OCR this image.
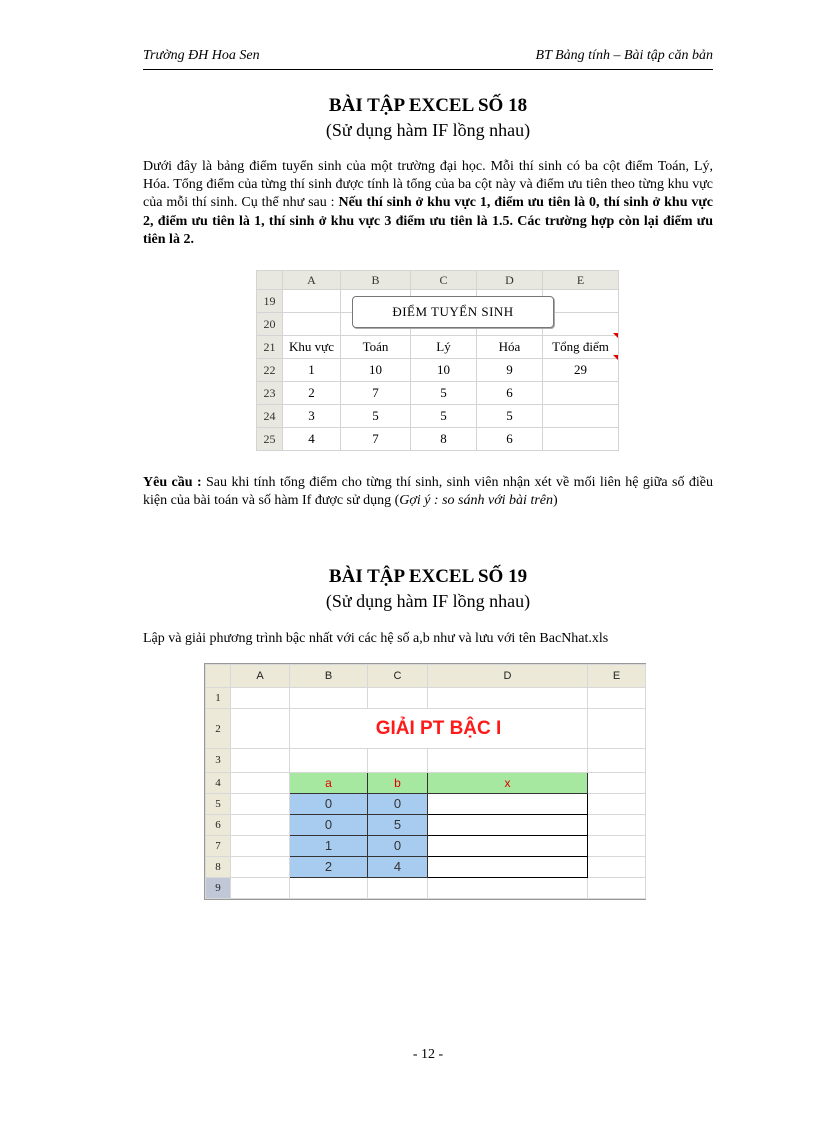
Trường ĐH Hoa Sen	BT Bảng tính – Bài tập căn bản
BÀI TẬP EXCEL SỐ 18
(Sử dụng hàm IF lồng nhau)
Dưới đây là bảng điểm tuyển sinh của một trường đại học. Mỗi thí sinh có ba cột điểm Toán, Lý, Hóa. Tổng điểm của từng thí sinh được tính là tổng của ba cột này và điểm ưu tiên theo từng khu vực của mỗi thí sinh. Cụ thể như sau : Nếu thí sinh ở khu vực 1, điểm ưu tiên là 0, thí sinh ở khu vực 2, điểm ưu tiên là 1, thí sinh ở khu vực 3 điểm ưu tiên là 1.5. Các trường hợp còn lại điểm ưu tiên là 2.
	A	B	C	D	E
19					
20					
21	Khu vực	Toán	Lý	Hóa	Tổng điểm
22	1	10	10	9	29
23	2	7	5	6	
24	3	5	5	5	
25	4	7	8	6	
ĐIỂM TUYỂN SINH
Yêu cầu : Sau khi tính tổng điểm cho từng thí sinh, sinh viên nhận xét về mối liên hệ giữa số điều kiện của bài toán và số hàm If được sử dụng (Gợi ý : so sánh với bài trên)
BÀI TẬP EXCEL SỐ 19
(Sử dụng hàm IF lồng nhau)
Lập và giải phương trình bậc nhất với các hệ số a,b như và lưu với tên BacNhat.xls
	A	B	C	D	E
1					
2		GIẢI PT BẬC I			
3					
4		a	b	x	
5		0	0		
6		0	5		
7		1	0		
8		2	4		
9					
- 12 -
